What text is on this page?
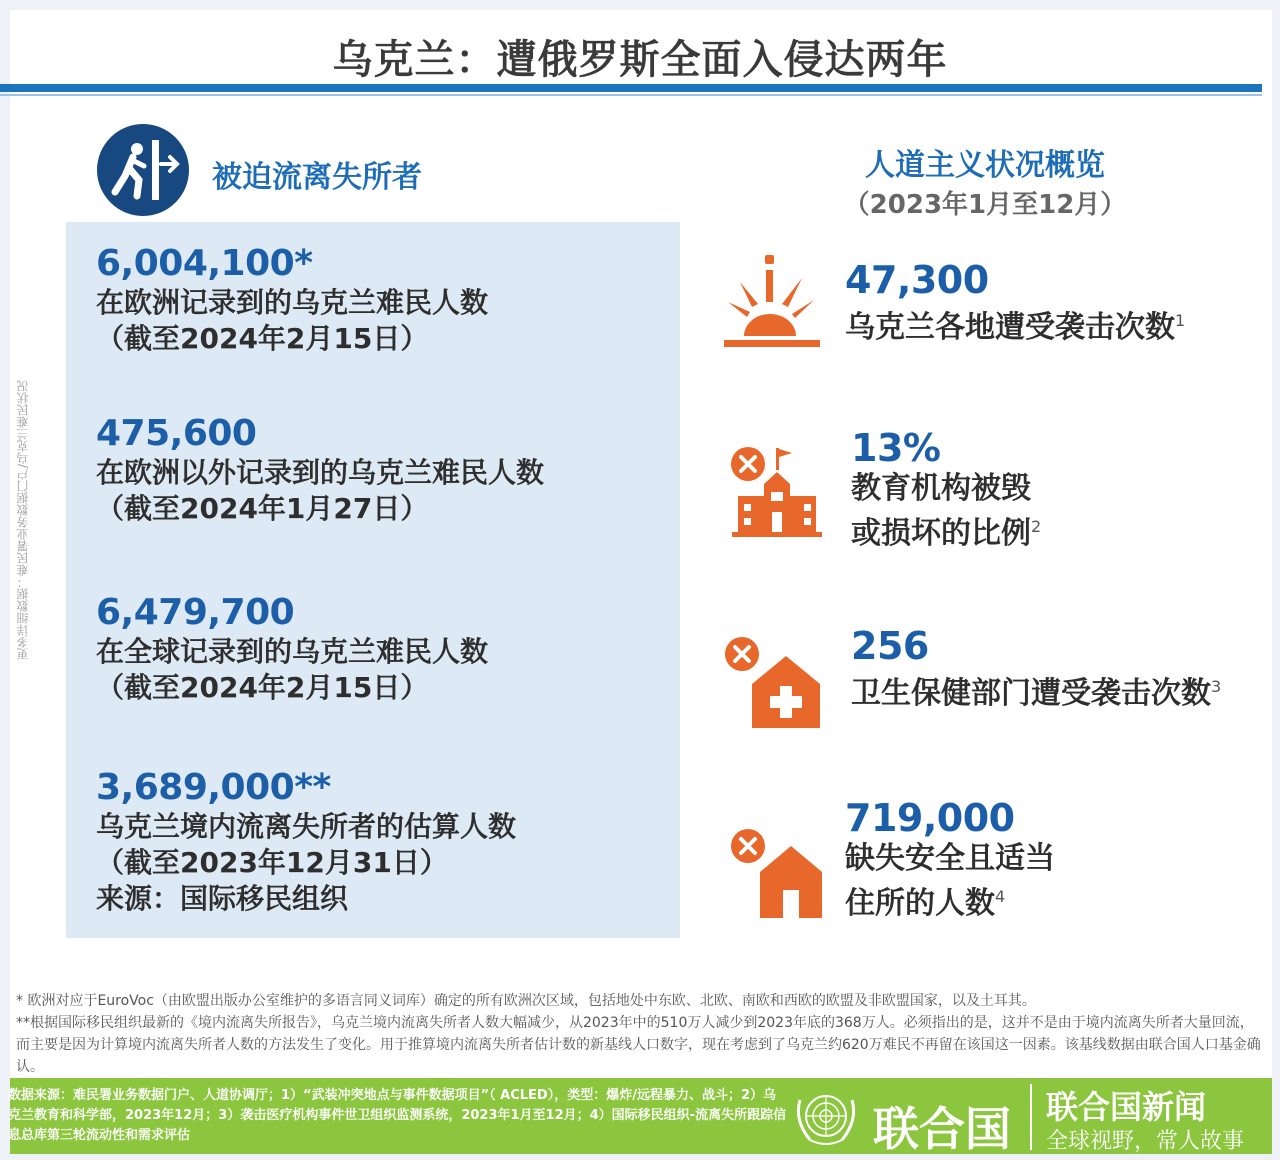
乌克兰：遭俄罗斯全面入侵达两年
更多详细数据：难民署业务数据门户/乌克兰难民状况
被迫流离失所者
6,004,100*
在欧洲记录到的乌克兰难民人数
（截至2024年2月15日）
475,600
在欧洲以外记录到的乌克兰难民人数
（截至2024年1月27日）
6,479,700
在全球记录到的乌克兰难民人数
（截至2024年2月15日）
3,689,000**
乌克兰境内流离失所者的估算人数
（截至2023年12月31日）
来源：国际移民组织
人道主义状况概览
（2023年1月至12月）
47,300
乌克兰各地遭受袭击次数$^1$
13%
教育机构被毁
或损坏的比例$^2$
256
卫生保健部门遭受袭击次数$^3$
719,000
缺失安全且适当
住所的人数$^4$
* 欧洲对应于EuroVoc（由欧盟出版办公室维护的多语言同义词库）确定的所有欧洲次区域，包括地处中东欧、北欧、南欧和西欧的欧盟及非欧盟国家，以及土耳其。
**根据国际移民组织最新的《境内流离失所报告》，乌克兰境内流离失所者人数大幅减少，从2023年中的510万人减少到2023年底的368万人。必须指出的是，这并不是由于境内流离失所者大量回流，而主要是因为计算境内流离失所者人数的方法发生了变化。用于推算境内流离失所者估计数的新基线人口数字，现在考虑到了乌克兰约620万难民不再留在该国这一因素。该基线数据由联合国人口基金确认。
数据来源：难民署业务数据门户、人道协调厅；1）“武装冲突地点与事件数据项目”（ ACLED），类型：爆炸/远程暴力、战斗；2）乌克兰教育和科学部，2023年12月；3）袭击医疗机构事件世卫组织监测系统，2023年1月至12月；4）国际移民组织-流离失所跟踪信息总库第三轮流动性和需求评估	联合国 联合国新闻
全球视野，常人故事
